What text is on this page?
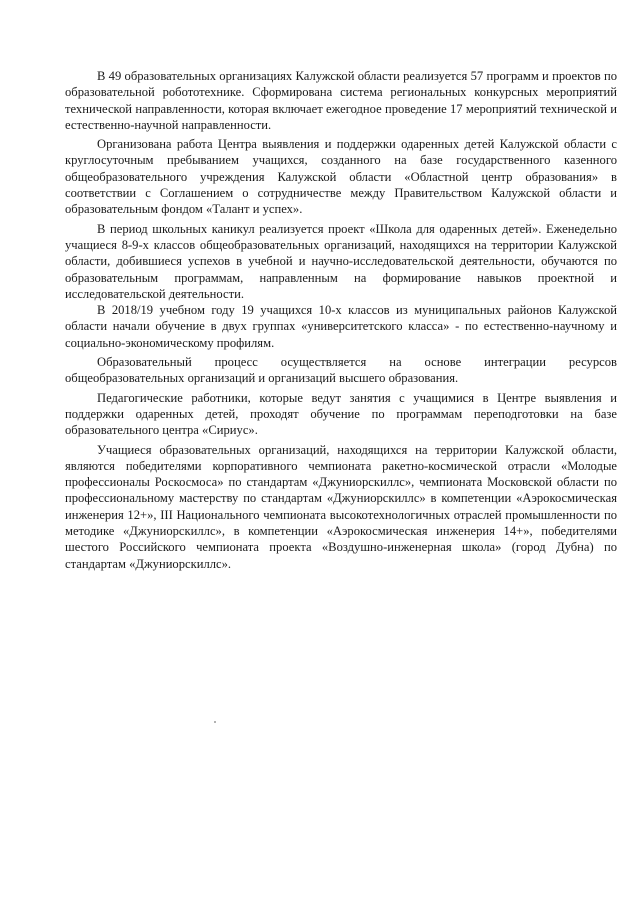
В 49 образовательных организациях Калужской области реализуется 57 программ и проектов по образовательной робототехнике. Сформирована система региональных конкурсных мероприятий технической направленности, которая включает ежегодное проведение 17 мероприятий технической и естественно-научной направленности.

Организована работа Центра выявления и поддержки одаренных детей Калужской области с круглосуточным пребыванием учащихся, созданного на базе государственного казенного общеобразовательного учреждения Калужской области «Областной центр образования» в соответствии с Соглашением о сотрудничестве между Правительством Калужской области и образовательным фондом «Талант и успех».

В период школьных каникул реализуется проект «Школа для одаренных детей». Еженедельно учащиеся 8-9-х классов общеобразовательных организаций, находящихся на территории Калужской области, добившиеся успехов в учебной и научно-исследовательской деятельности, обучаются по образовательным программам, направленным на формирование навыков проектной и исследовательской деятельности.

В 2018/19 учебном году 19 учащихся 10-х классов из муниципальных районов Калужской области начали обучение в двух группах «университетского класса» - по естественно-научному и социально-экономическому профилям.

Образовательный процесс осуществляется на основе интеграции ресурсов общеобразовательных организаций и организаций высшего образования.

Педагогические работники, которые ведут занятия с учащимися в Центре выявления и поддержки одаренных детей, проходят обучение по программам переподготовки на базе образовательного центра «Сириус».

Учащиеся образовательных организаций, находящихся на территории Калужской области, являются победителями корпоративного чемпионата ракетно-космической отрасли «Молодые профессионалы Роскосмоса» по стандартам «Джуниорскиллс», чемпионата Московской области по профессиональному мастерству по стандартам «Джуниорскиллс» в компетенции «Аэрокосмическая инженерия 12+», III Национального чемпионата высокотехнологичных отраслей промышленности по методике «Джуниорскиллс», в компетенции «Аэрокосмическая инженерия 14+», победителями шестого Российского чемпионата проекта «Воздушно-инженерная школа» (город Дубна) по стандартам «Джуниорскиллс».
